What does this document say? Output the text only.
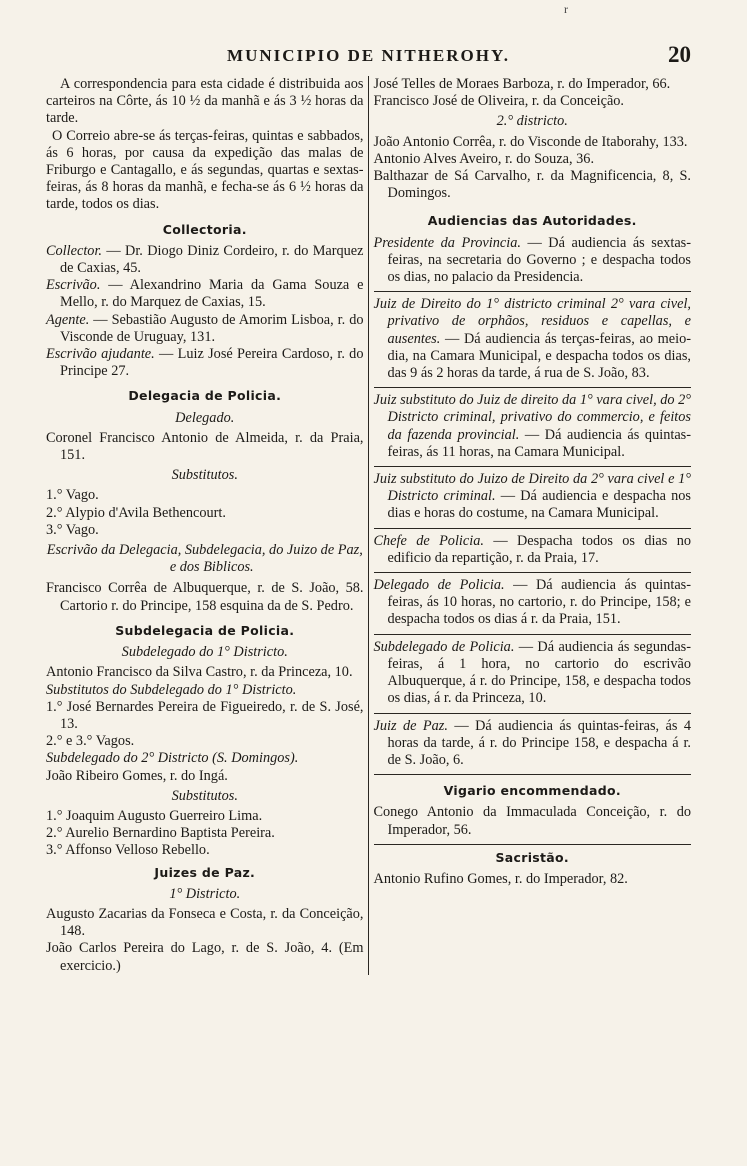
r
MUNICIPIO DE NITHEROHY.	20

A correspondencia para esta cidade é distribuida aos carteiros na Côrte, ás 10 ½ da manhã e ás 3 ½ horas da tarde.

O Correio abre-se ás terças-feiras, quintas e sabbados, ás 6 horas, por causa da expedição das malas de Friburgo e Cantagallo, e ás segundas, quartas e sextas-feiras, ás 8 horas da manhã, e fecha-se ás 6 ½ horas da tarde, todos os dias.

Collectoria.

Collector. — Dr. Diogo Diniz Cordeiro, r. do Marquez de Caxias, 45.

Escrivão. — Alexandrino Maria da Gama Souza e Mello, r. do Marquez de Caxias, 15.

Agente. — Sebastião Augusto de Amorim Lisboa, r. do Visconde de Uruguay, 131.

Escrivão ajudante. — Luiz José Pereira Cardoso, r. do Principe 27.

Delegacia de Policia.
Delegado.

Coronel Francisco Antonio de Almeida, r. da Praia, 151.

Substitutos.

1.° Vago.

2.° Alypio d'Avila Bethencourt.

3.° Vago.

Escrivão da Delegacia, Subdelegacia, do Juizo de Paz, e dos Biblicos.

Francisco Corrêa de Albuquerque, r. de S. João, 58. Cartorio r. do Principe, 158 esquina da de S. Pedro.

Subdelegacia de Policia.
Subdelegado do 1° Districto.

Antonio Francisco da Silva Castro, r. da Princeza, 10.

Substitutos do Subdelegado do 1° Districto.

1.° José Bernardes Pereira de Figueiredo, r. de S. José, 13.

2.° e 3.° Vagos.

Subdelegado do 2° Districto (S. Domingos).

João Ribeiro Gomes, r. do Ingá.

Substitutos.

1.° Joaquim Augusto Guerreiro Lima.

2.° Aurelio Bernardino Baptista Pereira.

3.° Affonso Velloso Rebello.

Juizes de Paz.
1° Districto.

Augusto Zacarias da Fonseca e Costa, r. da Conceição, 148.

João Carlos Pereira do Lago, r. de S. João, 4. (Em exercicio.)

José Telles de Moraes Barboza, r. do Imperador, 66.

Francisco José de Oliveira, r. da Conceição.

2.° districto.

João Antonio Corrêa, r. do Visconde de Itaborahy, 133.

Antonio Alves Aveiro, r. do Souza, 36.

Balthazar de Sá Carvalho, r. da Magnificencia, 8, S. Domingos.

Audiencias das Autoridades.

Presidente da Provincia. — Dá audiencia ás sextas-feiras, na secretaria do Governo ; e despacha todos os dias, no palacio da Presidencia.

Juiz de Direito do 1° districto criminal 2° vara civel, privativo de orphãos, residuos e capellas, e ausentes. — Dá audiencia ás terças-feiras, ao meio-dia, na Camara Municipal, e despacha todos os dias, das 9 ás 2 horas da tarde, á rua de S. João, 83.

Juiz substituto do Juiz de direito da 1° vara civel, do 2° Districto criminal, privativo do commercio, e feitos da fazenda provincial. — Dá audiencia ás quintas-feiras, ás 11 horas, na Camara Municipal.

Juiz substituto do Juizo de Direito da 2° vara civel e 1° Districto criminal. — Dá audiencia e despacha nos dias e horas do costume, na Camara Municipal.

Chefe de Policia. — Despacha todos os dias no edificio da repartição, r. da Praia, 17.

Delegado de Policia. — Dá audiencia ás quintas-feiras, ás 10 horas, no cartorio, r. do Principe, 158; e despacha todos os dias á r. da Praia, 151.

Subdelegado de Policia. — Dá audiencia ás segundas-feiras, á 1 hora, no cartorio do escrivão Albuquerque, á r. do Principe, 158, e despacha todos os dias, á r. da Princeza, 10.

Juiz de Paz. — Dá audiencia ás quintas-feiras, ás 4 horas da tarde, á r. do Principe 158, e despacha á r. de S. João, 6.

Vigario encommendado.

Conego Antonio da Immaculada Conceição, r. do Imperador, 56.

Sacristão.

Antonio Rufino Gomes, r. do Imperador, 82.
